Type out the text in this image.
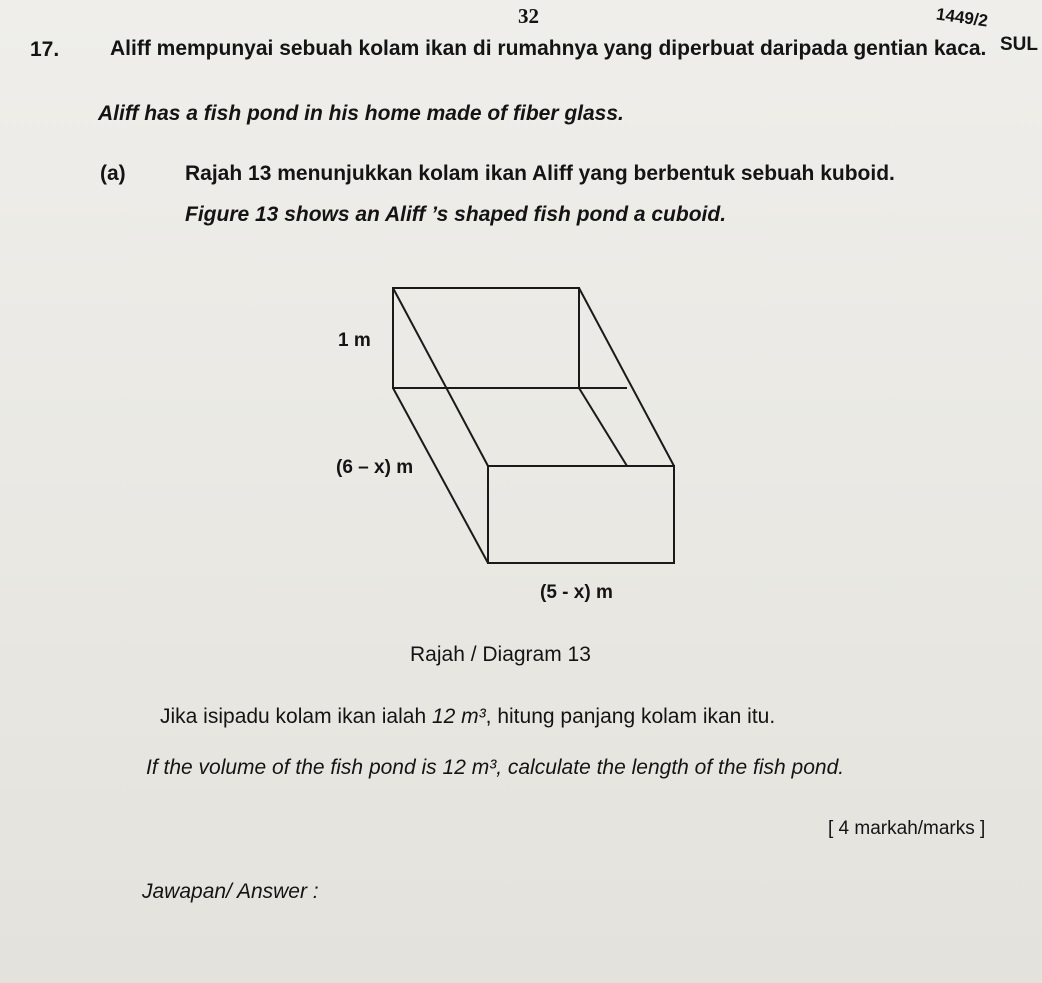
32	1449/2
SUL
17. Aliff mempunyai sebuah kolam ikan di rumahnya yang diperbuat daripada gentian kaca.
Aliff has a fish pond in his home made of fiber glass.
(a)	Rajah 13 menunjukkan kolam ikan Aliff yang berbentuk sebuah kuboid.
Figure 13 shows an Aliff ’s shaped fish pond a cuboid.
1 m
(6 – x) m
(5 - x) m
Rajah / Diagram 13
Jika isipadu kolam ikan ialah 12 m³, hitung panjang kolam ikan itu.
If the volume of the fish pond is 12 m³, calculate the length of the fish pond.
[ 4 markah/marks ]
Jawapan/ Answer :
